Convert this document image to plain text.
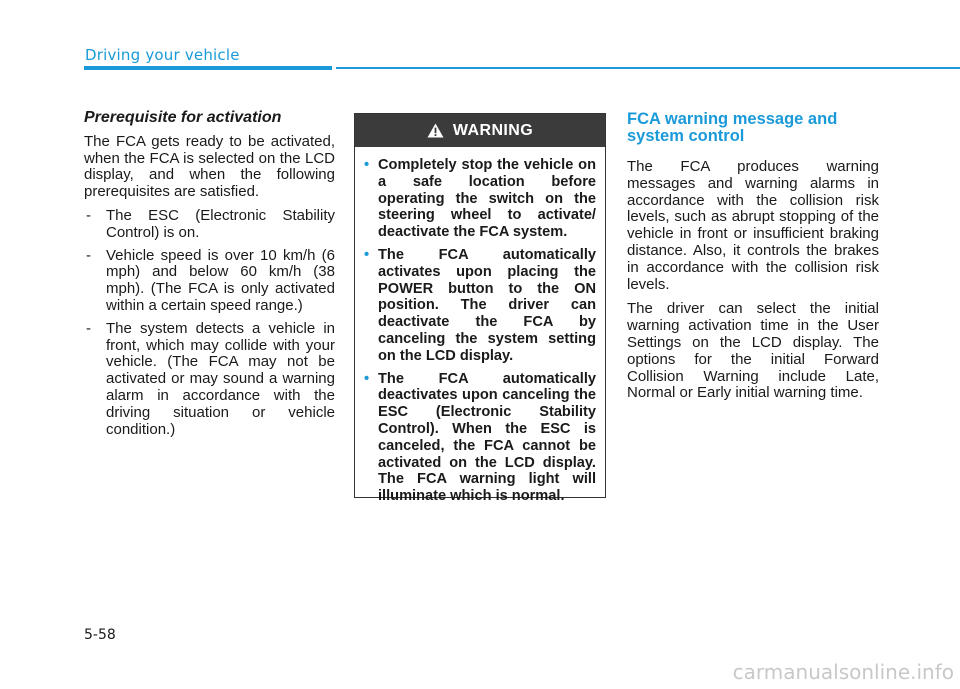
Driving your vehicle

Prerequisite for activation

The FCA gets ready to be activated, when the FCA is selected on the LCD display, and when the following prerequisites are satisfied.

- The ESC (Electronic Stability Control) is on.

- Vehicle speed is over 10 km/h (6 mph) and below 60 km/h (38 mph). (The FCA is only activated within a certain speed range.)

- The system detects a vehicle in front, which may collide with your vehicle. (The FCA may not be activated or may sound a warning alarm in accordance with the driving situation or vehicle condition.)

WARNING
• Completely stop the vehicle on a safe location before operating the switch on the steering wheel to activate/ deactivate the FCA system.
• The FCA automatically activates upon placing the POWER button to the ON position. The driver can deactivate the FCA by canceling the system setting on the LCD display.
• The FCA automatically deactivates upon canceling the ESC (Electronic Stability Control). When the ESC is canceled, the FCA cannot be activated on the LCD display. The FCA warning light will illuminate which is normal.
FCA warning message and system control

The FCA produces warning messages and warning alarms in accordance with the collision risk levels, such as abrupt stopping of the vehicle in front or insufficient braking distance. Also, it controls the brakes in accordance with the collision risk levels.

The driver can select the initial warning activation time in the User Settings on the LCD display. The options for the initial Forward Collision Warning include Late, Normal or Early initial warning time.

5-58
carmanualsonline.info
